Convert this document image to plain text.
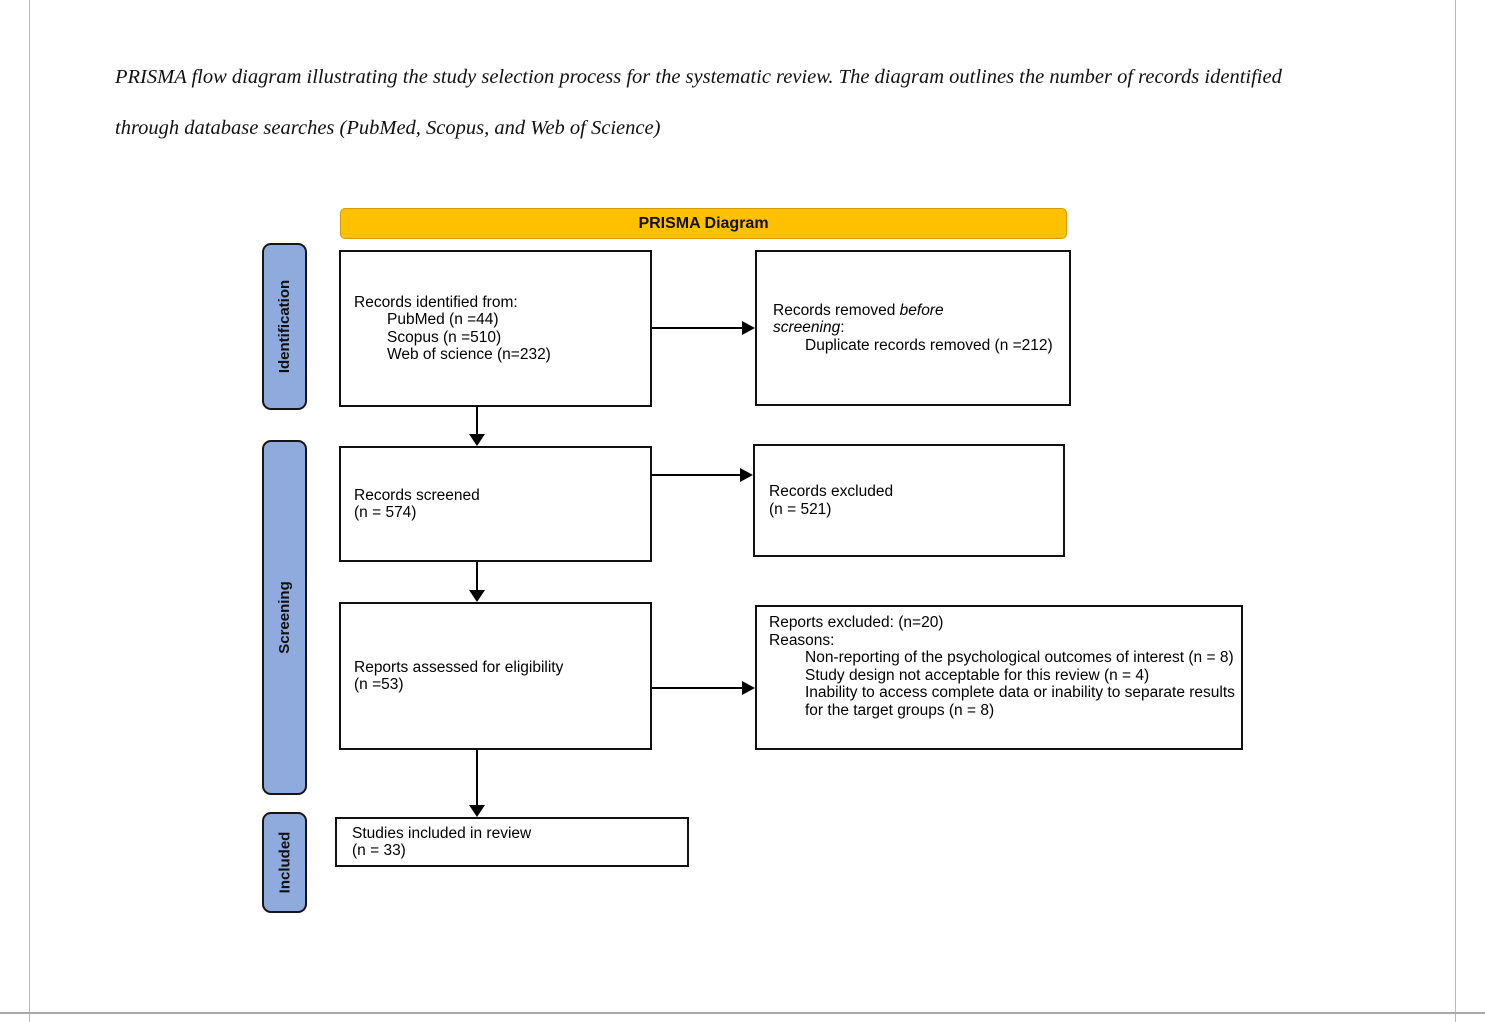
PRISMA flow diagram illustrating the study selection process for the systematic review. The diagram outlines the number of records identified
through database searches (PubMed, Scopus, and Web of Science)
PRISMA Diagram
Identification
Screening
Included
Records identified from:
PubMed (n =44)
Scopus (n =510)
Web of science (n=232)
Records removed before
screening:
Duplicate records removed (n =212)
Records screened
(n = 574)
Records excluded
(n = 521)
Reports assessed for eligibility
(n =53)
Reports excluded: (n=20)
Reasons:
Non-reporting of the psychological outcomes of interest (n = 8)
Study design not acceptable for this review (n = 4)
Inability to access complete data or inability to separate results for the target groups (n = 8)
Studies included in review
(n = 33)
